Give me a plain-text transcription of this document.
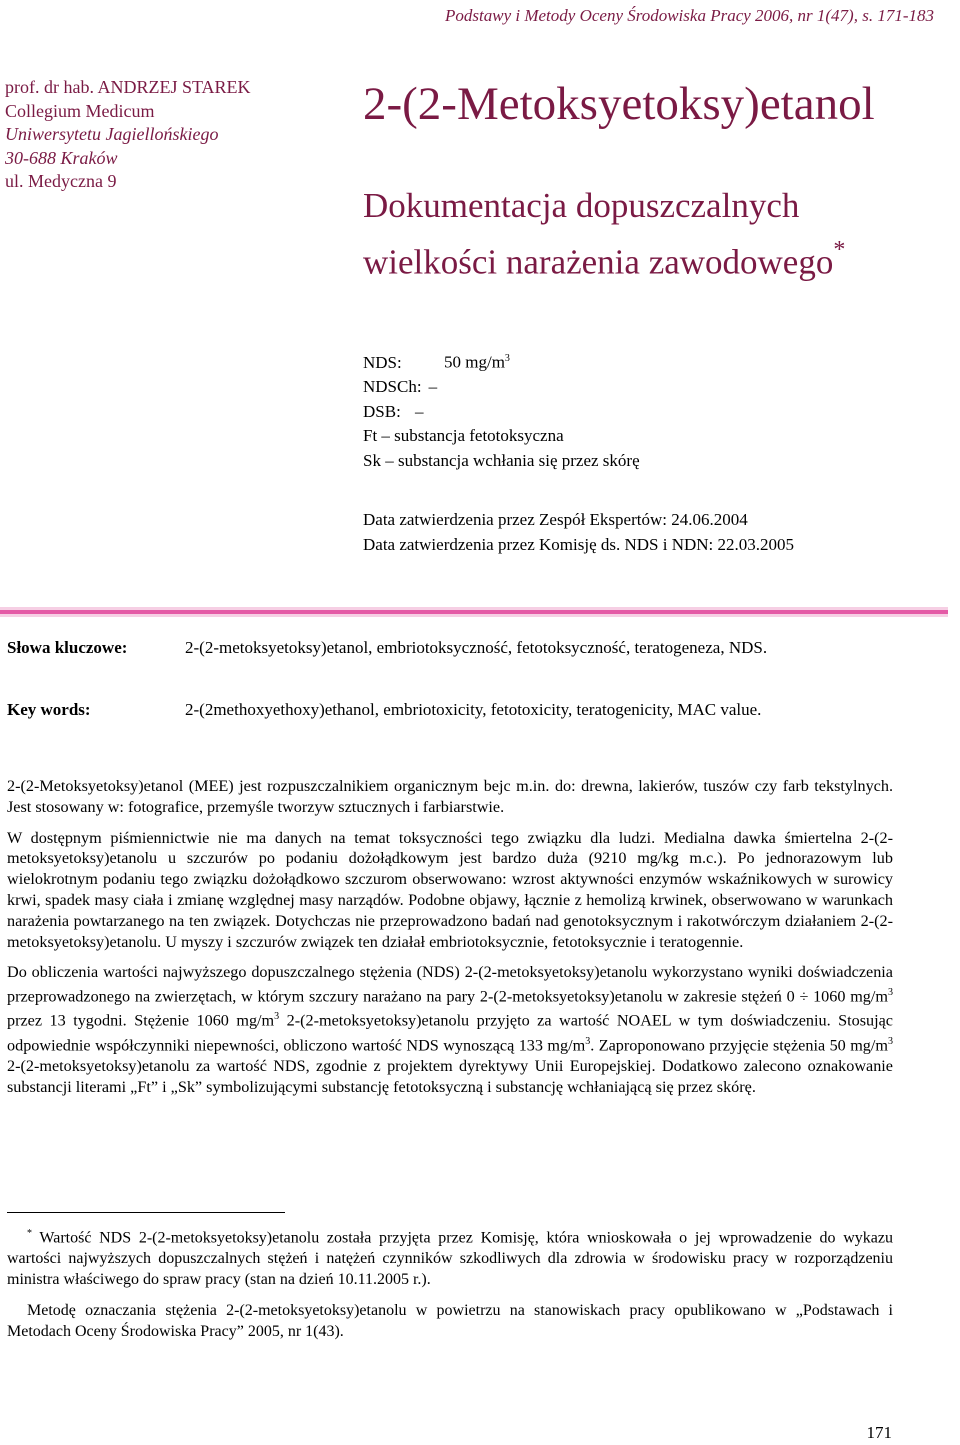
Podstawy i Metody Oceny Środowiska Pracy 2006, nr 1(47), s. 171-183
prof. dr hab. ANDRZEJ STAREK
Collegium Medicum
Uniwersytetu Jagiellońskiego
30-688 Kraków
ul. Medyczna 9
2-(2-Metoksyetoksy)etanol
Dokumentacja dopuszczalnych
wielkości narażenia zawodowego*
NDS:	50 $mg/m^3$
NDSCh: –
DSB: –
Ft – substancja fetotoksyczna
Sk – substancja wchłania się przez skórę
Data zatwierdzenia przez Zespół Ekspertów: 24.06.2004
Data zatwierdzenia przez Komisję ds. NDS i NDN: 22.03.2005
Słowa kluczowe:	2-(2-metoksyetoksy)etanol, embriotoksyczność, fetotoksyczność, teratogeneza, NDS.
Key words:	2-(2methoxyethoxy)ethanol, embriotoxicity, fetotoxicity, teratogenicity, MAC value.

2-(2-Metoksyetoksy)etanol (MEE) jest rozpuszczalnikiem organicznym bejc m.in. do: drewna, lakierów, tuszów czy farb tekstylnych. Jest stosowany w: fotografice, przemyśle tworzyw sztucznych i farbiarstwie.

W dostępnym piśmiennictwie nie ma danych na temat toksyczności tego związku dla ludzi. Medialna dawka śmiertelna 2-(2-metoksyetoksy)etanolu u szczurów po podaniu dożołądkowym jest bardzo duża (9210 mg/kg m.c.). Po jednorazowym lub wielokrotnym podaniu tego związku dożołądkowo szczurom obserwowano: wzrost aktywności enzymów wskaźnikowych w surowicy krwi, spadek masy ciała i zmianę względnej masy narządów. Podobne objawy, łącznie z hemolizą krwinek, obserwowano w warunkach narażenia powtarzanego na ten związek. Dotychczas nie przeprowadzono badań nad genotoksycznym i rakotwórczym działaniem 2-(2-metoksyetoksy)etanolu. U myszy i szczurów związek ten działał embriotoksycznie, fetotoksycznie i teratogennie.

Do obliczenia wartości najwyższego dopuszczalnego stężenia (NDS) 2-(2-metoksyetoksy)etanolu wykorzystano wyniki doświadczenia przeprowadzonego na zwierzętach, w którym szczury narażano na pary 2-(2-metoksyetoksy)etanolu w zakresie stężeń 0 ÷ 1060 $mg/m^3$ przez 13 tygodni. Stężenie 1060 $mg/m^3$ 2-(2-metoksyetoksy)etanolu przyjęto za wartość NOAEL w tym doświadczeniu. Stosując odpowiednie współczynniki niepewności, obliczono wartość NDS wynoszącą 133 $mg/m^3$. Zaproponowano przyjęcie stężenia 50 $mg/m^3$ 2-(2-metoksyetoksy)etanolu za wartość NDS, zgodnie z projektem dyrektywy Unii Europejskiej. Dodatkowo zalecono oznakowanie substancji literami „Ft” i „Sk” symbolizującymi substancję fetotoksyczną i substancję wchłaniającą się przez skórę.

* Wartość NDS 2-(2-metoksyetoksy)etanolu została przyjęta przez Komisję, która wnioskowała o jej wprowadzenie do wykazu wartości najwyższych dopuszczalnych stężeń i natężeń czynników szkodliwych dla zdrowia w środowisku pracy w rozporządzeniu ministra właściwego do spraw pracy (stan na dzień 10.11.2005 r.).

Metodę oznaczania stężenia 2-(2-metoksyetoksy)etanolu w powietrzu na stanowiskach pracy opublikowano w „Podstawach i Metodach Oceny Środowiska Pracy” 2005, nr 1(43).

171
